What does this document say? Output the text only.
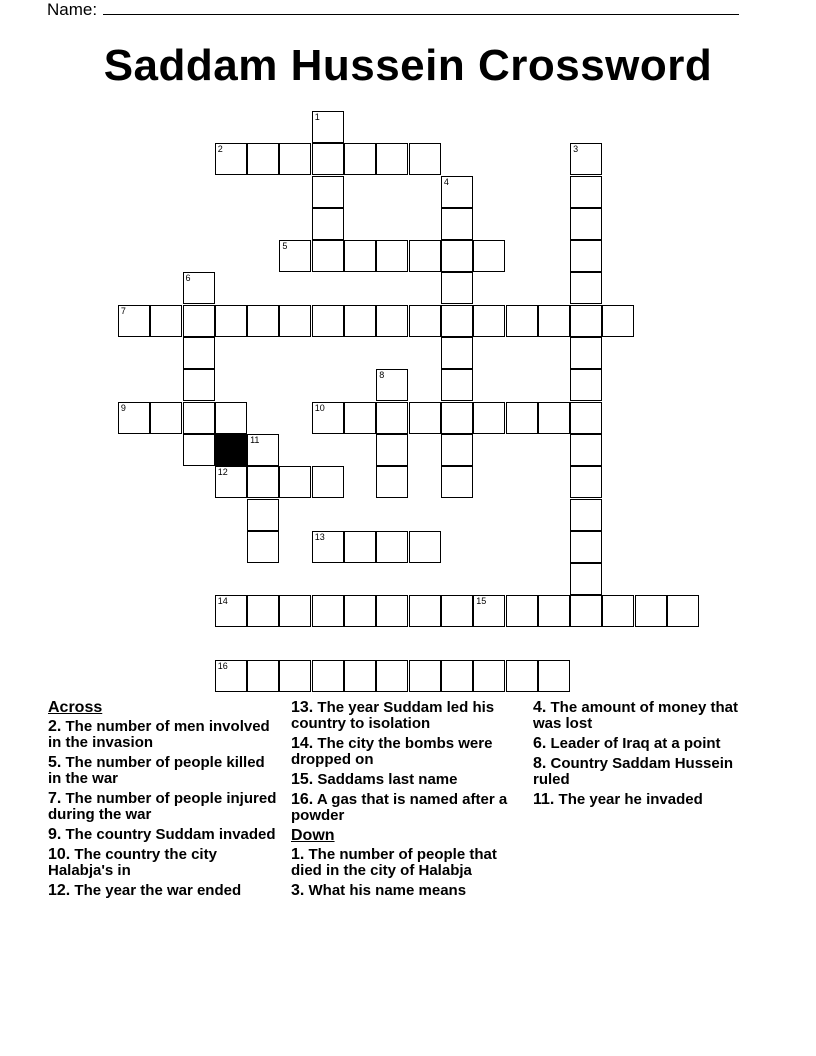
Name:
Saddam Hussein Crossword
1
2	3
4
5
6
7
8
9	10
11
12
13
14	15
16
Across
2. The number of men involved in the invasion
5. The number of people killed in the war
7. The number of people injured during the war
9. The country Suddam invaded
10. The country the city Halabja's in
12. The year the war ended
13. The year Suddam led his country to isolation
14. The city the bombs were dropped on
15. Saddams last name
16. A gas that is named after a powder
Down
1. The number of people that died in the city of Halabja
3. What his name means
4. The amount of money that was lost
6. Leader of Iraq at a point
8. Country Saddam Hussein ruled
11. The year he invaded
